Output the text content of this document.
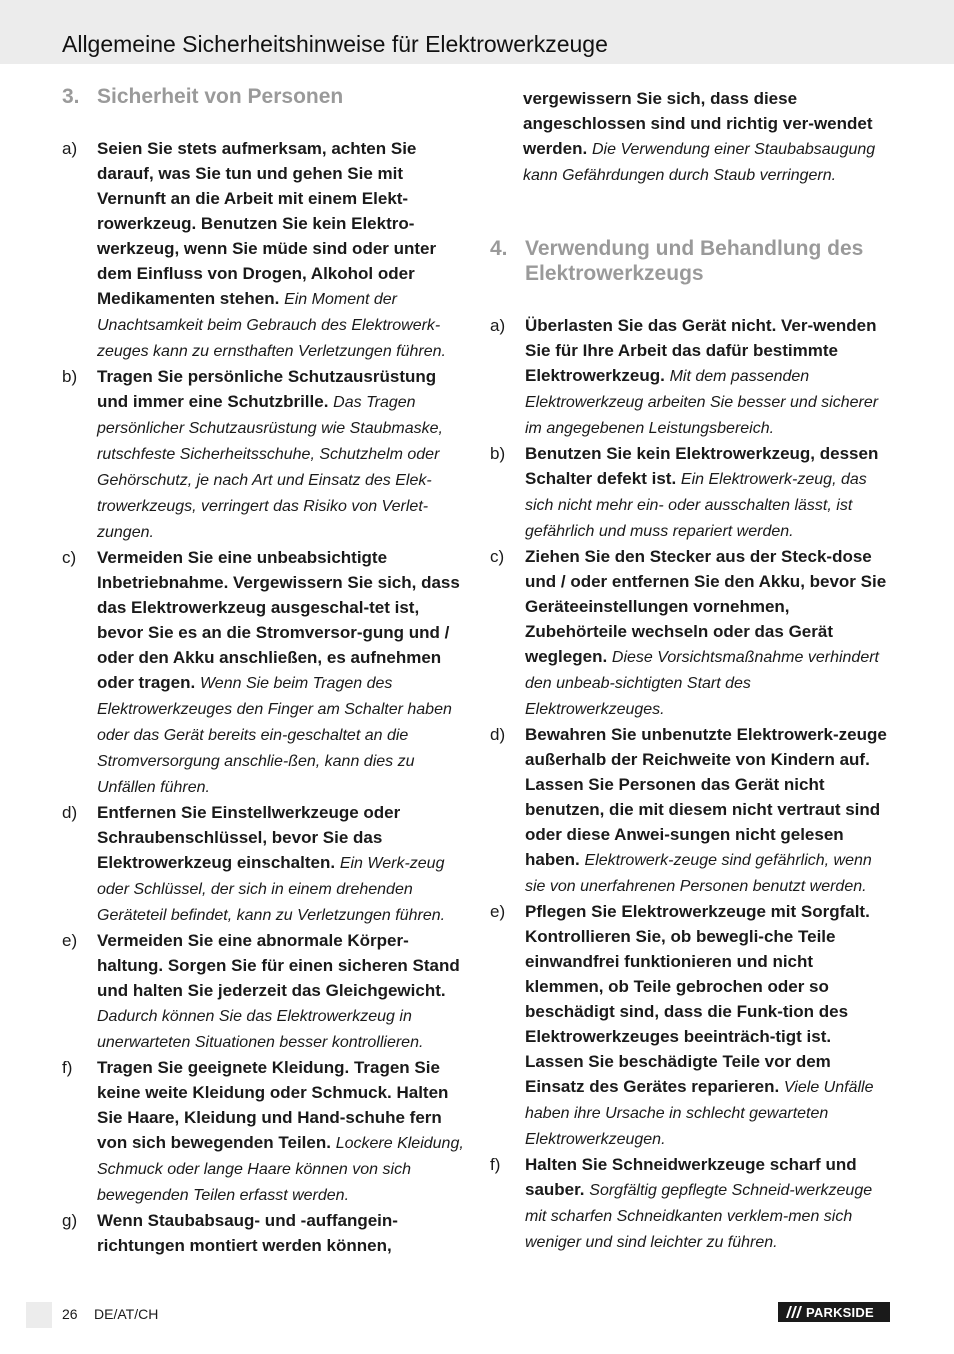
Allgemeine Sicherheitshinweise für Elektrowerkzeuge
3. Sicherheit von Personen
a)	Seien Sie stets aufmerksam, achten Sie darauf, was Sie tun und gehen Sie mit Vernunft an die Arbeit mit einem Elekt-rowerkzeug. Benutzen Sie kein Elektro-werkzeug, wenn Sie müde sind oder unter dem Einfluss von Drogen, Alkohol oder Medikamenten stehen. Ein Moment der Unachtsamkeit beim Gebrauch des Elektrowerk-zeuges kann zu ernsthaften Verletzungen führen.
b)	Tragen Sie persönliche Schutzausrüstung und immer eine Schutzbrille. Das Tragen persönlicher Schutzausrüstung wie Staubmaske, rutschfeste Sicherheitsschuhe, Schutzhelm oder Gehörschutz, je nach Art und Einsatz des Elek-trowerkzeugs, verringert das Risiko von Verlet-zungen.
c)	Vermeiden Sie eine unbeabsichtigte Inbetriebnahme. Vergewissern Sie sich, dass das Elektrowerkzeug ausgeschal-tet ist, bevor Sie es an die Stromversor-gung und / oder den Akku anschließen, es aufnehmen oder tragen. Wenn Sie beim Tragen des Elektrowerkzeuges den Finger am Schalter haben oder das Gerät bereits ein-geschaltet an die Stromversorgung anschlie-ßen, kann dies zu Unfällen führen.
d)	Entfernen Sie Einstellwerkzeuge oder Schraubenschlüssel, bevor Sie das Elektrowerkzeug einschalten. Ein Werk-zeug oder Schlüssel, der sich in einem drehenden Geräteteil befindet, kann zu Verletzungen führen.
e)	Vermeiden Sie eine abnormale Körper-haltung. Sorgen Sie für einen sicheren Stand und halten Sie jederzeit das Gleichgewicht. Dadurch können Sie das Elektrowerkzeug in unerwarteten Situationen besser kontrollieren.
f)	Tragen Sie geeignete Kleidung. Tragen Sie keine weite Kleidung oder Schmuck. Halten Sie Haare, Kleidung und Hand-schuhe fern von sich bewegenden Teilen. Lockere Kleidung, Schmuck oder lange Haare können von sich bewegenden Teilen erfasst werden.
g)	Wenn Staubabsaug- und -auffangein-richtungen montiert werden können,
vergewissern Sie sich, dass diese angeschlossen sind und richtig ver-wendet werden. Die Verwendung einer Staubabsaugung kann Gefährdungen durch Staub verringern.
4. Verwendung und Behandlung des Elektrowerkzeugs
a)	Überlasten Sie das Gerät nicht. Ver-wenden Sie für Ihre Arbeit das dafür bestimmte Elektrowerkzeug. Mit dem passenden Elektrowerkzeug arbeiten Sie besser und sicherer im angegebenen Leistungsbereich.
b)	Benutzen Sie kein Elektrowerkzeug, dessen Schalter defekt ist. Ein Elektrowerk-zeug, das sich nicht mehr ein- oder ausschalten lässt, ist gefährlich und muss repariert werden.
c)	Ziehen Sie den Stecker aus der Steck-dose und / oder entfernen Sie den Akku, bevor Sie Geräteeinstellungen vornehmen, Zubehörteile wechseln oder das Gerät weglegen. Diese Vorsichtsmaßnahme verhindert den unbeab-sichtigten Start des Elektrowerkzeuges.
d)	Bewahren Sie unbenutzte Elektrowerk-zeuge außerhalb der Reichweite von Kindern auf. Lassen Sie Personen das Gerät nicht benutzen, die mit diesem nicht vertraut sind oder diese Anwei-sungen nicht gelesen haben. Elektrowerk-zeuge sind gefährlich, wenn sie von unerfahrenen Personen benutzt werden.
e)	Pflegen Sie Elektrowerkzeuge mit Sorgfalt. Kontrollieren Sie, ob bewegli-che Teile einwandfrei funktionieren und nicht klemmen, ob Teile gebrochen oder so beschädigt sind, dass die Funk-tion des Elektrowerkzeuges beeinträch-tigt ist. Lassen Sie beschädigte Teile vor dem Einsatz des Gerätes reparieren. Viele Unfälle haben ihre Ursache in schlecht gewarteten Elektrowerkzeugen.
f)	Halten Sie Schneidwerkzeuge scharf und sauber. Sorgfältig gepflegte Schneid-werkzeuge mit scharfen Schneidkanten verklem-men sich weniger und sind leichter zu führen.
26 DE/AT/CH	PARKSIDE
